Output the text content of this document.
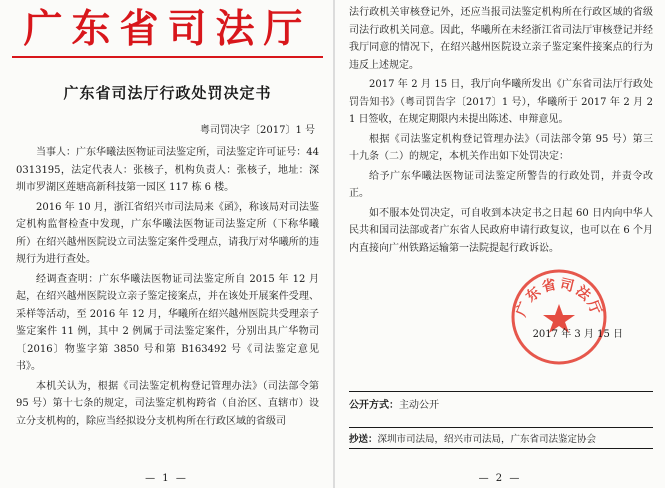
广东省司法厅
广东省司法厅行政处罚决定书
粤司罚决字〔2017〕1 号

当事人：广东华曦法医物证司法鉴定所，司法鉴定许可证号：440313195，法定代表人：张核子，机构负责人：张核子，地址：深圳市罗湖区莲塘高新科技第一园区 117 栋 6 楼。

2016 年 10 月，浙江省绍兴市司法局来《函》，称该局对司法鉴定机构监督检查中发现，广东华曦法医物证司法鉴定所（下称华曦所）在绍兴越州医院设立司法鉴定案件受理点，请我厅对华曦所的违规行为进行查处。

经调查查明：广东华曦法医物证司法鉴定所自 2015 年 12 月起，在绍兴越州医院设立亲子鉴定接案点，并在该处开展案件受理、采样等活动，至 2016 年 12 月，华曦所在绍兴越州医院共受理亲子鉴定案件 11 例，其中 2 例属于司法鉴定案件，分别出具广华物司〔2016〕物鉴字第 3850 号和第 B163492 号《司法鉴定意见书》。

本机关认为，根据《司法鉴定机构登记管理办法》（司法部令第 95 号）第十七条的规定，司法鉴定机构跨省（自治区、直辖市）设立分支机构的，除应当经拟设分支机构所在行政区域的省级司

— 1 —

法行政机关审核登记外，还应当报司法鉴定机构所在行政区域的省级司法行政机关同意。因此，华曦所在未经浙江省司法厅审核登记并经我厅同意的情况下，在绍兴越州医院设立亲子鉴定案件接案点的行为违反上述规定。

2017 年 2 月 15 日，我厅向华曦所发出《广东省司法厅行政处罚告知书》（粤司罚告字〔2017〕1 号），华曦所于 2017 年 2 月 21 日签收，在规定期限内未提出陈述、申辩意见。

根据《司法鉴定机构登记管理办法》（司法部令第 95 号）第三十九条（二）的规定，本机关作出如下处罚决定：

给予广东华曦法医物证司法鉴定所警告的行政处罚，并责令改正。

如不服本处罚决定，可自收到本决定书之日起 60 日内向中华人民共和国司法部或者广东省人民政府申请行政复议，也可以在 6 个月内直接向广州铁路运输第一法院提起行政诉讼。

广东省司法厅
2017 年 3 月 15 日
公开方式：主动公开
抄送：深圳市司法局，绍兴市司法局，广东省司法鉴定协会
— 2 —
